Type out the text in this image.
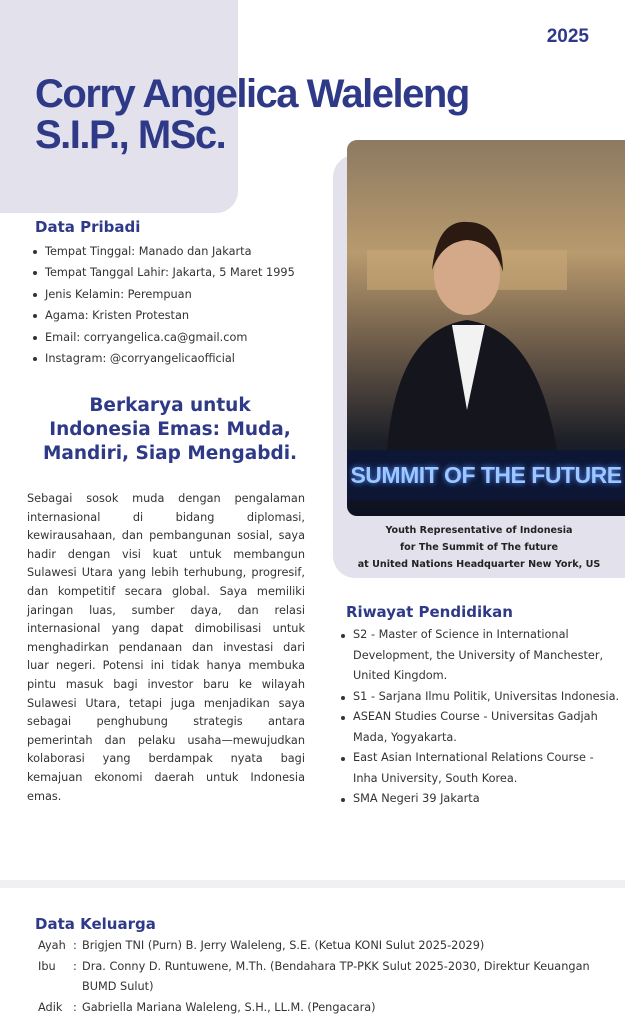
2025
Corry Angelica Waleleng
S.I.P., MSc.
Data Pribadi
Tempat Tinggal: Manado dan Jakarta
Tempat Tanggal Lahir: Jakarta, 5 Maret 1995
Jenis Kelamin: Perempuan
Agama: Kristen Protestan
Email: corryangelica.ca@gmail.com
Instagram: @corryangelicaofficial
Berkarya untuk
Indonesia Emas: Muda,
Mandiri, Siap Mengabdi.

Sebagai sosok muda dengan pengalaman internasional di bidang diplomasi, kewirausahaan, dan pembangunan sosial, saya hadir dengan visi kuat untuk membangun Sulawesi Utara yang lebih terhubung, progresif, dan kompetitif secara global. Saya memiliki jaringan luas, sumber daya, dan relasi internasional yang dapat dimobilisasi untuk menghadirkan pendanaan dan investasi dari luar negeri. Potensi ini tidak hanya membuka pintu masuk bagi investor baru ke wilayah Sulawesi Utara, tetapi juga menjadikan saya sebagai penghubung strategis antara pemerintah dan pelaku usaha—mewujudkan kolaborasi yang berdampak nyata bagi kemajuan ekonomi daerah untuk Indonesia emas.

SUMMIT OF THE FUTURE
Youth Representative of Indonesia
for The Summit of The future
at United Nations Headquarter New York, US
Riwayat Pendidikan
S2 - Master of Science in International Development, the University of Manchester, United Kingdom.
S1 - Sarjana Ilmu Politik, Universitas Indonesia.
ASEAN Studies Course - Universitas Gadjah Mada, Yogyakarta.
East Asian International Relations Course - Inha University, South Korea.
SMA Negeri 39 Jakarta
Data Keluarga
Ayah	:	Brigjen TNI (Purn) B. Jerry Waleleng, S.E. (Ketua KONI Sulut 2025-2029)
Ibu	:	Dra. Conny D. Runtuwene, M.Th. (Bendahara TP-PKK Sulut 2025-2030, Direktur Keuangan BUMD Sulut)
Adik	:	Gabriella Mariana Waleleng, S.H., LL.M. (Pengacara)
